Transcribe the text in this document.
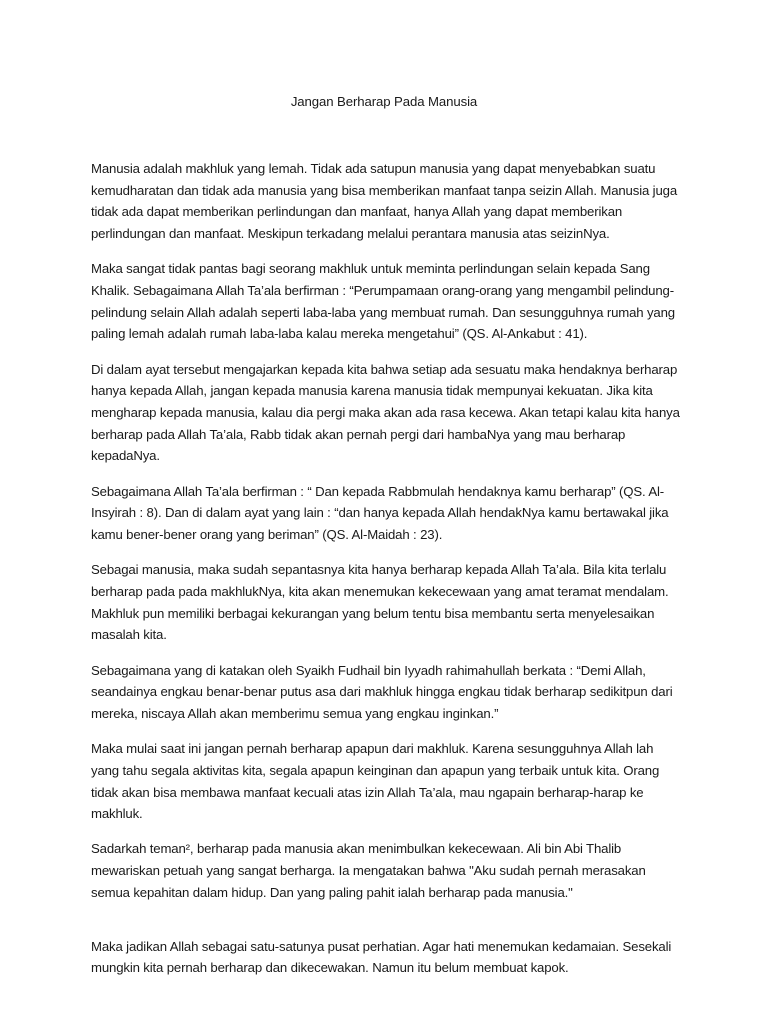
Jangan Berharap Pada Manusia

Manusia adalah makhluk yang lemah. Tidak ada satupun manusia yang dapat menyebabkan suatu kemudharatan dan tidak ada manusia yang bisa memberikan manfaat tanpa seizin Allah. Manusia juga tidak ada dapat memberikan perlindungan dan manfaat, hanya Allah yang dapat memberikan perlindungan dan manfaat. Meskipun terkadang melalui perantara manusia atas seizinNya.

Maka sangat tidak pantas bagi seorang makhluk untuk meminta perlindungan selain kepada Sang Khalik. Sebagaimana Allah Ta’ala berfirman : “Perumpamaan orang-orang yang mengambil pelindung-pelindung selain Allah adalah seperti laba-laba yang membuat rumah. Dan sesungguhnya rumah yang paling lemah adalah rumah laba-laba kalau mereka mengetahui” (QS. Al-Ankabut : 41).

Di dalam ayat tersebut mengajarkan kepada kita bahwa setiap ada sesuatu maka hendaknya berharap hanya kepada Allah, jangan kepada manusia karena manusia tidak mempunyai kekuatan. Jika kita mengharap kepada manusia, kalau dia pergi maka akan ada rasa kecewa. Akan tetapi kalau kita hanya berharap pada Allah Ta’ala, Rabb tidak akan pernah pergi dari hambaNya yang mau berharap kepadaNya.

Sebagaimana Allah Ta’ala berfirman : “ Dan kepada Rabbmulah hendaknya kamu berharap” (QS. Al-Insyirah : 8). Dan di dalam ayat yang lain : “dan hanya kepada Allah hendakNya kamu bertawakal jika kamu bener-bener orang yang beriman” (QS. Al-Maidah : 23).

Sebagai manusia, maka sudah sepantasnya kita hanya berharap kepada Allah Ta’ala. Bila kita terlalu berharap pada pada makhlukNya, kita akan menemukan kekecewaan yang amat teramat mendalam. Makhluk pun memiliki berbagai kekurangan yang belum tentu bisa membantu serta menyelesaikan masalah kita.

Sebagaimana yang di katakan oleh Syaikh Fudhail bin Iyyadh rahimahullah berkata : “Demi Allah, seandainya engkau benar-benar putus asa dari makhluk hingga engkau tidak berharap sedikitpun dari mereka, niscaya Allah akan memberimu semua yang engkau inginkan.”

Maka mulai saat ini jangan pernah berharap apapun dari makhluk. Karena sesungguhnya Allah lah yang tahu segala aktivitas kita, segala apapun keinginan dan apapun yang terbaik untuk kita. Orang tidak akan bisa membawa manfaat kecuali atas izin Allah Ta’ala, mau ngapain berharap-harap ke makhluk.

Sadarkah teman², berharap pada manusia akan menimbulkan kekecewaan. Ali bin Abi Thalib mewariskan petuah yang sangat berharga. Ia mengatakan bahwa "Aku sudah pernah merasakan semua kepahitan dalam hidup. Dan yang paling pahit ialah berharap pada manusia."

Maka jadikan Allah sebagai satu-satunya pusat perhatian. Agar hati menemukan kedamaian. Sesekali mungkin kita pernah berharap dan dikecewakan. Namun itu belum membuat kapok.
